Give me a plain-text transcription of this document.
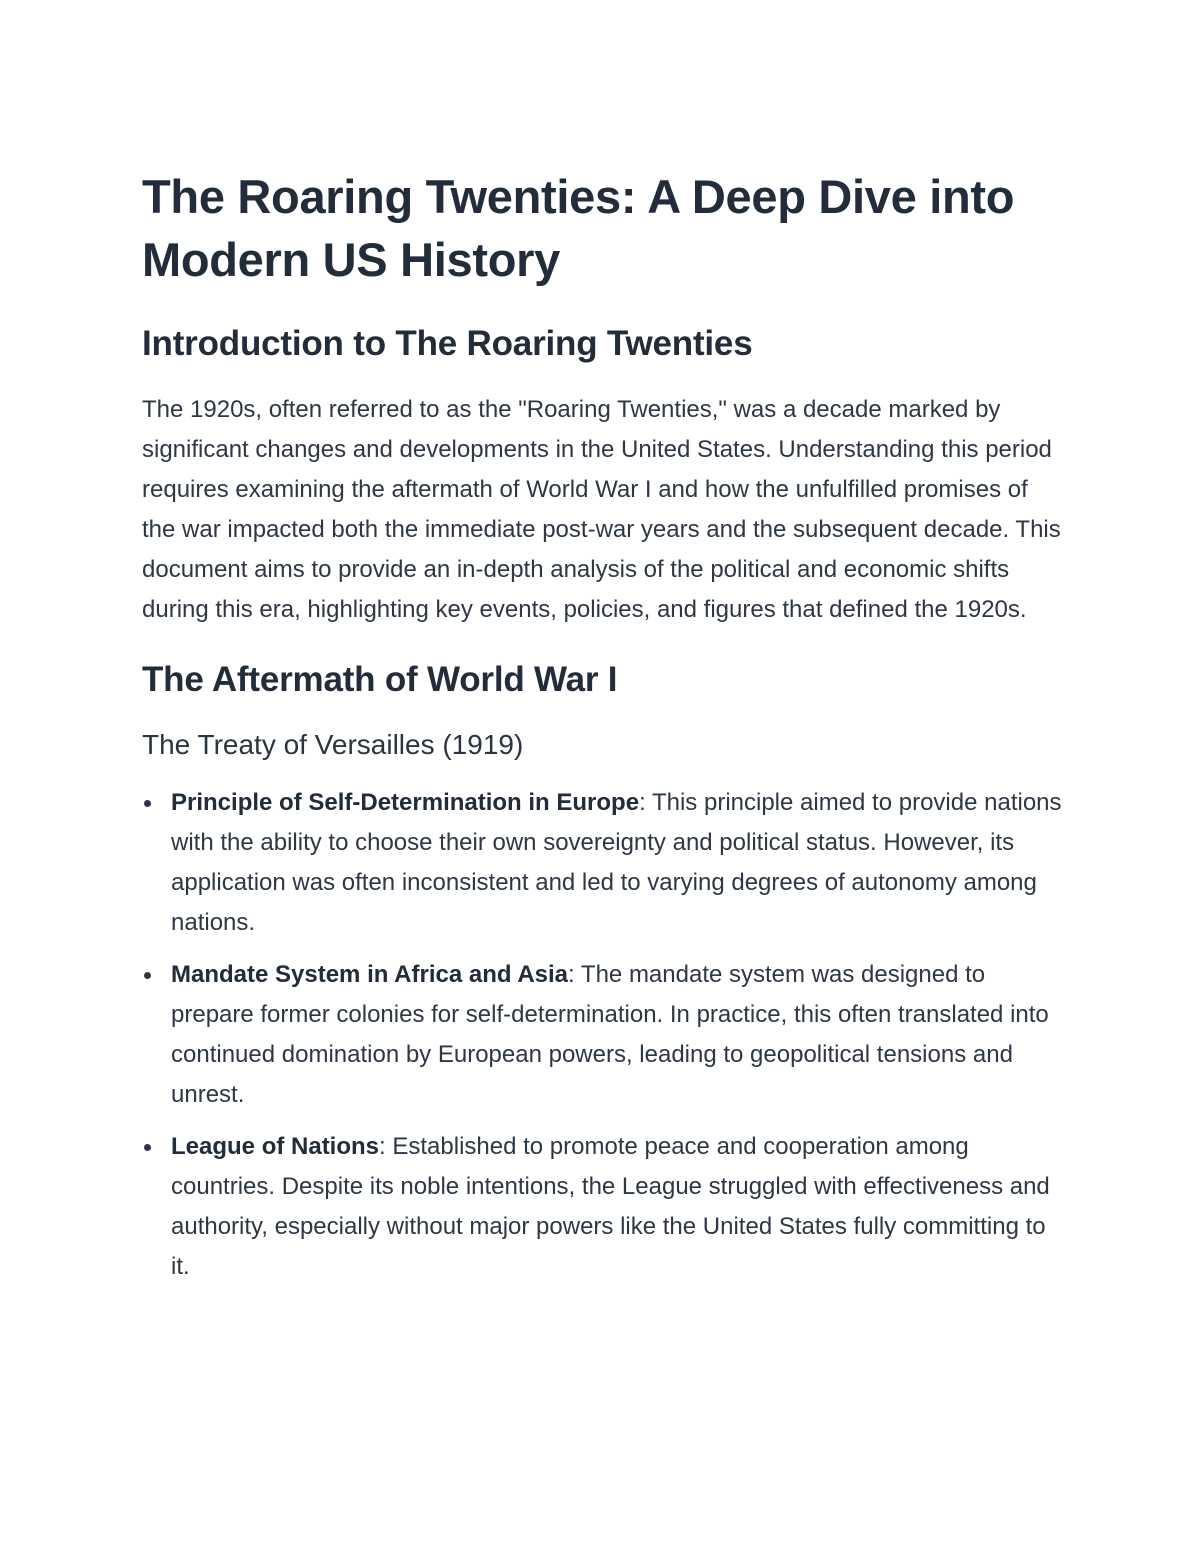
The Roaring Twenties: A Deep Dive into Modern US History
Introduction to The Roaring Twenties

The 1920s, often referred to as the "Roaring Twenties," was a decade marked by significant changes and developments in the United States. Understanding this period requires examining the aftermath of World War I and how the unfulfilled promises of the war impacted both the immediate post-war years and the subsequent decade. This document aims to provide an in-depth analysis of the political and economic shifts during this era, highlighting key events, policies, and figures that defined the 1920s.

The Aftermath of World War I
The Treaty of Versailles (1919)
Principle of Self-Determination in Europe: This principle aimed to provide nations with the ability to choose their own sovereignty and political status. However, its application was often inconsistent and led to varying degrees of autonomy among nations.
Mandate System in Africa and Asia: The mandate system was designed to prepare former colonies for self-determination. In practice, this often translated into continued domination by European powers, leading to geopolitical tensions and unrest.
League of Nations: Established to promote peace and cooperation among countries. Despite its noble intentions, the League struggled with effectiveness and authority, especially without major powers like the United States fully committing to it.
